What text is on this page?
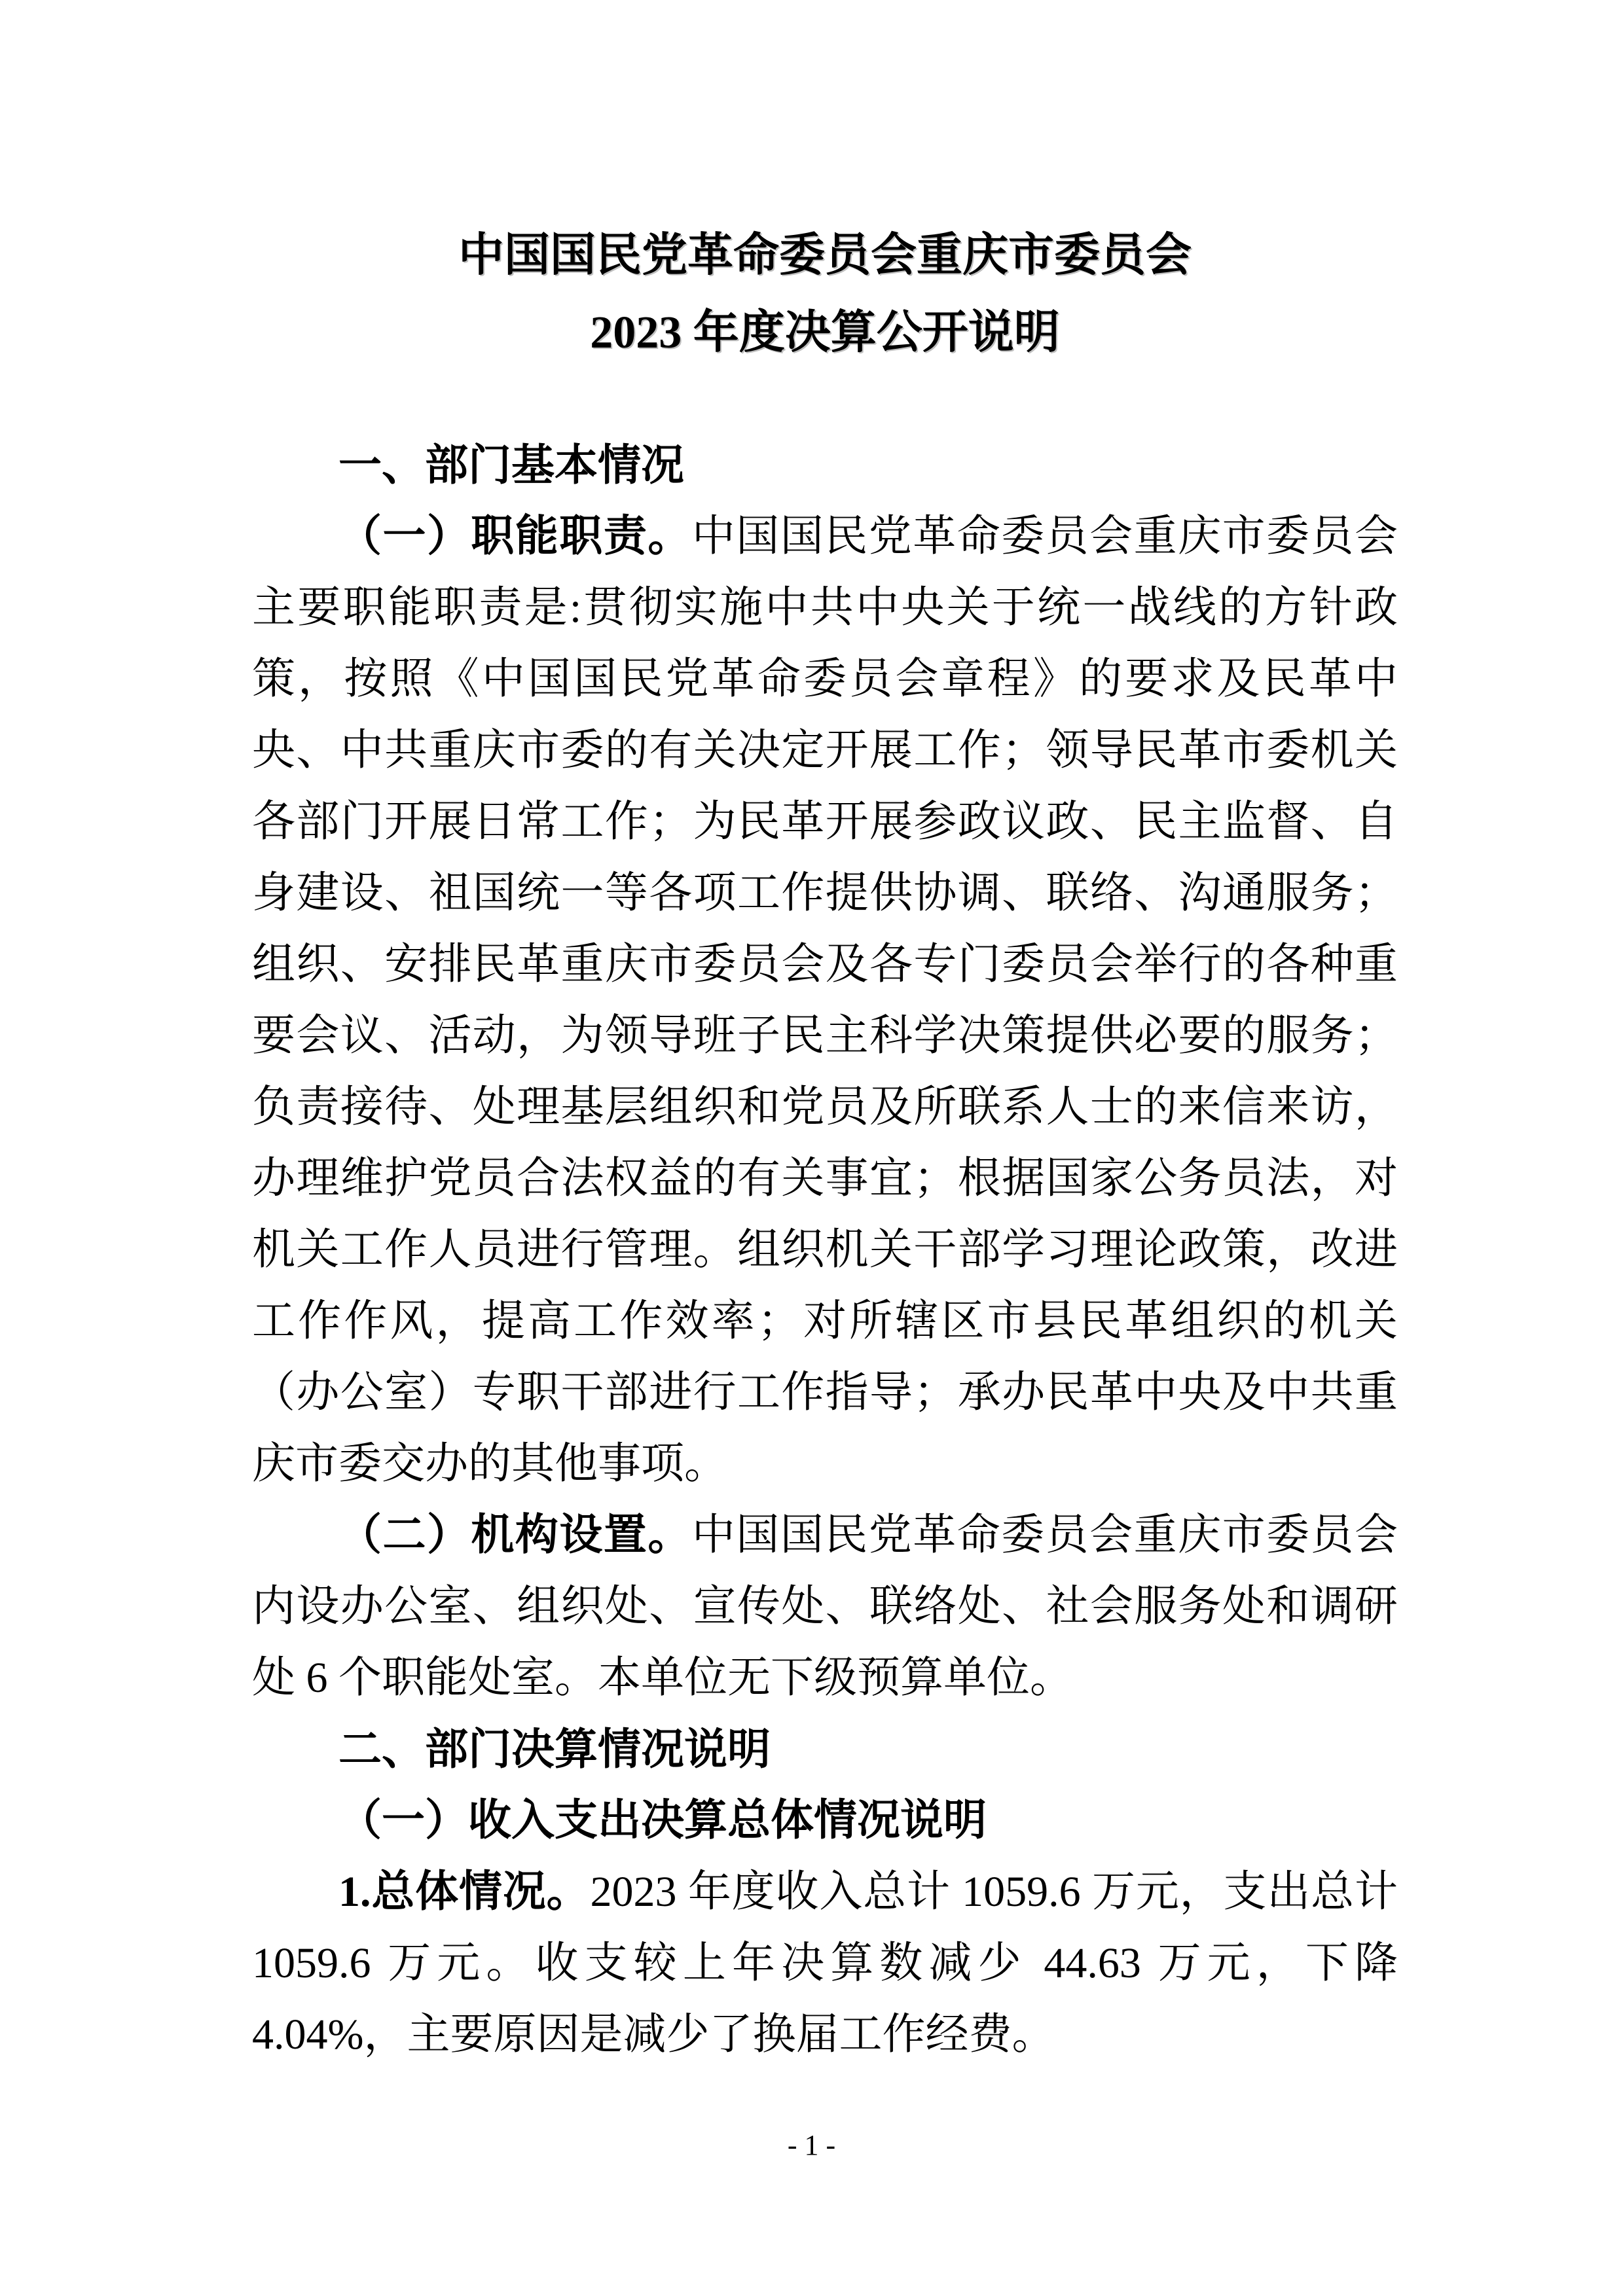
中国国民党革命委员会重庆市委员会
2023 年度决算公开说明
一、部门基本情况

（一）职能职责。中国国民党革命委员会重庆市委员会主要职能职责是:贯彻实施中共中央关于统一战线的方针政策，按照《中国国民党革命委员会章程》的要求及民革中央、中共重庆市委的有关决定开展工作；领导民革市委机关各部门开展日常工作；为民革开展参政议政、民主监督、自身建设、祖国统一等各项工作提供协调、联络、沟通服务；组织、安排民革重庆市委员会及各专门委员会举行的各种重要会议、活动，为领导班子民主科学决策提供必要的服务；负责接待、处理基层组织和党员及所联系人士的来信来访，办理维护党员合法权益的有关事宜；根据国家公务员法，对机关工作人员进行管理。组织机关干部学习理论政策，改进工作作风，提高工作效率；对所辖区市县民革组织的机关（办公室）专职干部进行工作指导；承办民革中央及中共重庆市委交办的其他事项。

（二）机构设置。中国国民党革命委员会重庆市委员会内设办公室、组织处、宣传处、联络处、社会服务处和调研处 6 个职能处室。本单位无下级预算单位。

二、部门决算情况说明
（一）收入支出决算总体情况说明

1.总体情况。2023 年度收入总计 1059.6 万元，支出总计 1059.6 万元。收支较上年决算数减少 44.63 万元，下降 4.04%，主要原因是减少了换届工作经费。

- 1 -
